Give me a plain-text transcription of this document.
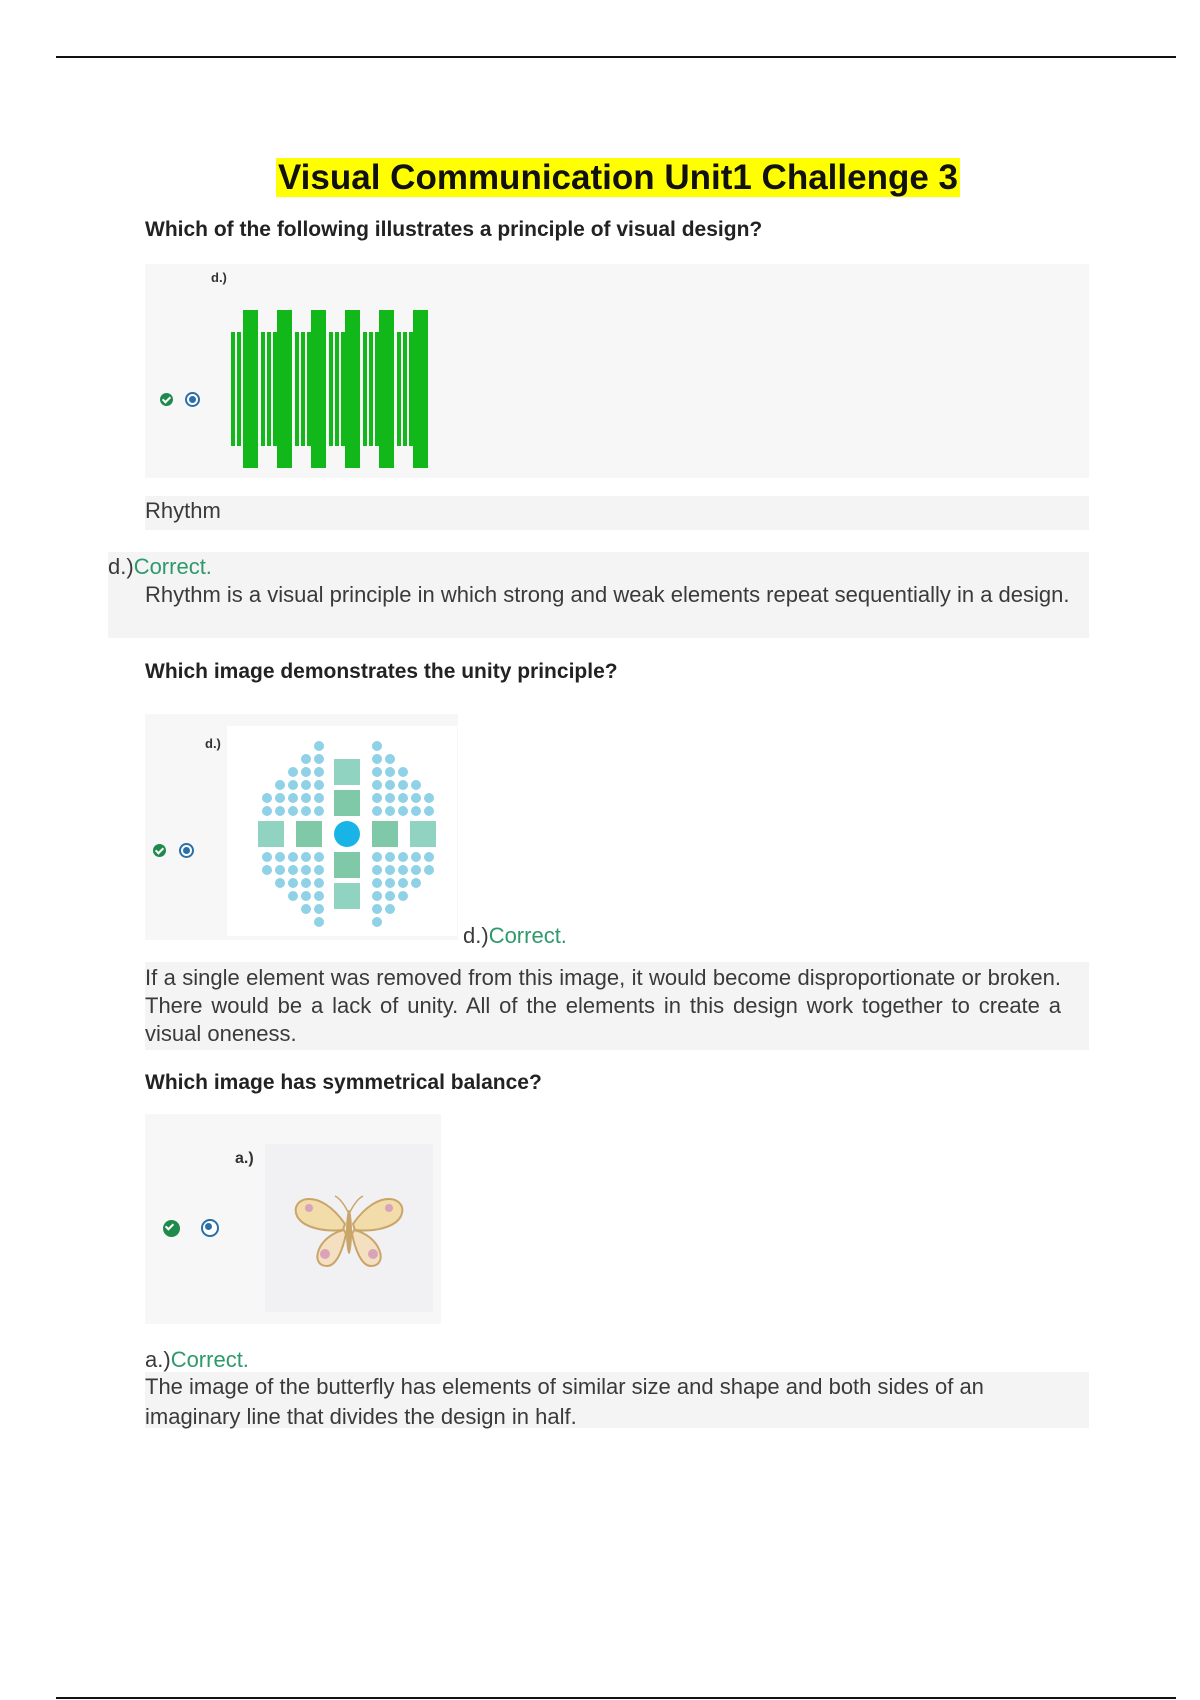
Visual Communication Unit1 Challenge 3
Which of the following illustrates a principle of visual design?
d.)
Rhythm
d.)Correct.
Rhythm is a visual principle in which strong and weak elements repeat sequentially in a design.
Which image demonstrates the unity principle?
d.)
d.)Correct.
If a single element was removed from this image, it would become disproportionate or broken. There would be a lack of unity. All of the elements in this design work together to create a visual oneness.
Which image has symmetrical balance?
a.)
a.)Correct.
The image of the butterfly has elements of similar size and shape and both sides of an imaginary line that divides the design in half.
